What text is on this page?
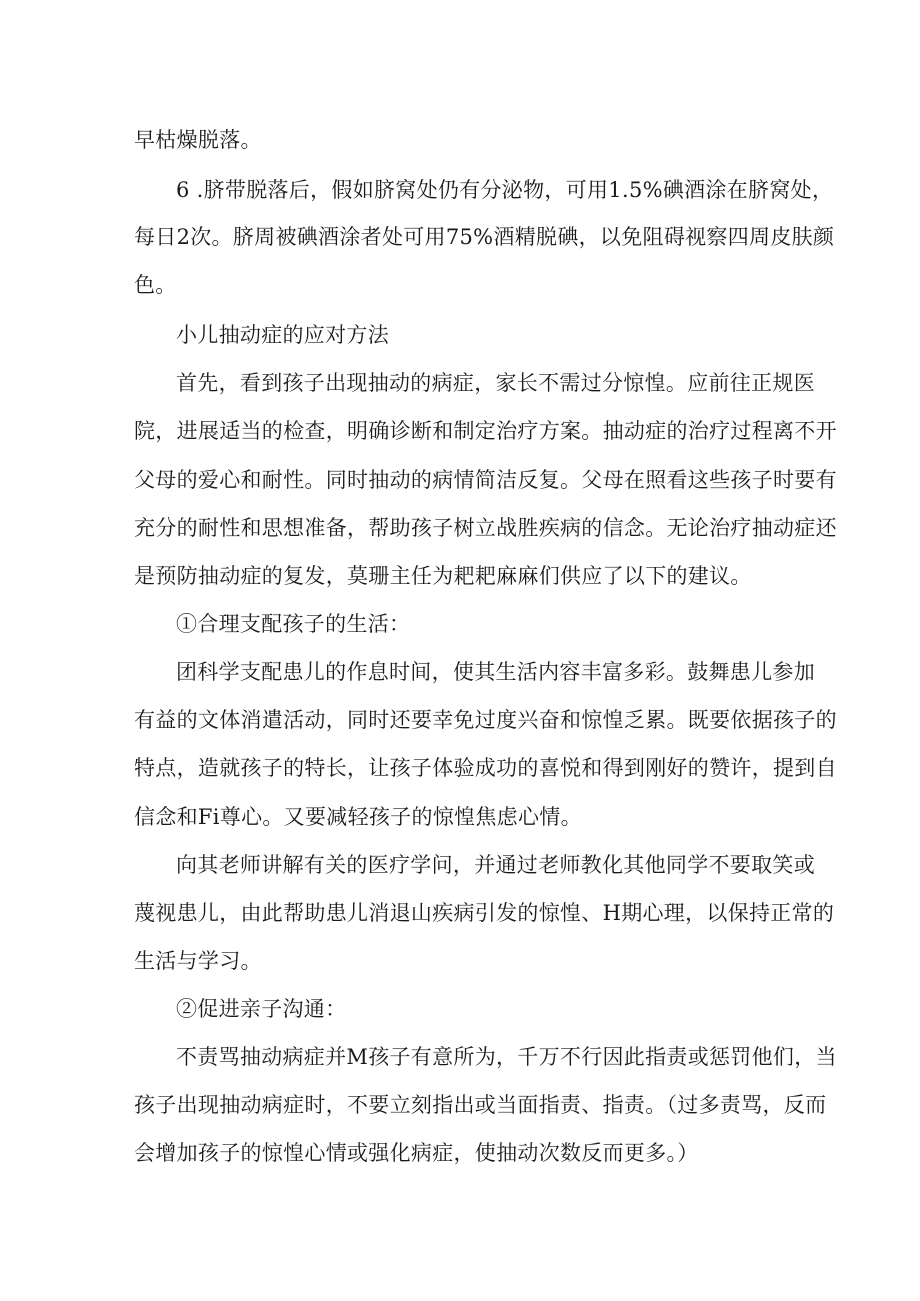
早枯燥脱落。
6 .脐带脱落后，假如脐窝处仍有分泌物，可用1.5%碘酒涂在脐窝处，
每日2次。脐周被碘酒涂者处可用75%酒精脱碘，以免阻碍视察四周皮肤颜
色。
小儿抽动症的应对方法
首先，看到孩子出现抽动的病症，家长不需过分惊惶。应前往正规医
院，进展适当的检查，明确诊断和制定治疗方案。抽动症的治疗过程离不开
父母的爱心和耐性。同时抽动的病情简洁反复。父母在照看这些孩子时要有
充分的耐性和思想准备，帮助孩子树立战胜疾病的信念。无论治疗抽动症还
是预防抽动症的复发，莫珊主任为耙耙麻麻们供应了以下的建议。
①合理支配孩子的生活：
团科学支配患儿的作息时间，使其生活内容丰富多彩。鼓舞患儿参加
有益的文体消遣活动，同时还要幸免过度兴奋和惊惶乏累。既要依据孩子的
特点，造就孩子的特长，让孩子体验成功的喜悦和得到刚好的赞许，提到自
信念和Fi尊心。又要减轻孩子的惊惶焦虑心情。
向其老师讲解有关的医疗学问，并通过老师教化其他同学不要取笑或
蔑视患儿，由此帮助患儿消退山疾病引发的惊惶、H期心理，以保持正常的
生活与学习。
②促进亲子沟通：
不责骂抽动病症并M孩子有意所为，千万不行因此指责或惩罚他们，当
孩子出现抽动病症时，不要立刻指出或当面指责、指责。（过多责骂，反而
会增加孩子的惊惶心情或强化病症，使抽动次数反而更多。）
